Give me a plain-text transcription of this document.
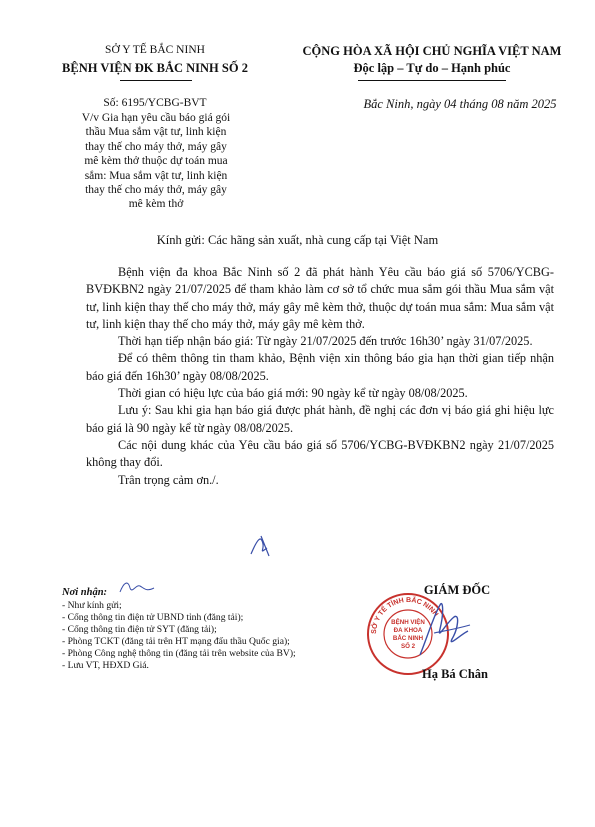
SỞ Y TẾ BẮC NINH
BỆNH VIỆN ĐK BẮC NINH SỐ 2
CỘNG HÒA XÃ HỘI CHỦ NGHĨA VIỆT NAM
Độc lập – Tự do – Hạnh phúc
Số: 6195/YCBG-BVT
V/v Gia hạn yêu cầu báo giá gói thầu Mua sắm vật tư, linh kiện thay thế cho máy thở, máy gây mê kèm thở thuộc dự toán mua sắm: Mua sắm vật tư, linh kiện thay thế cho máy thở, máy gây mê kèm thở
Bắc Ninh, ngày 04 tháng 08 năm 2025
Kính gửi: Các hãng sản xuất, nhà cung cấp tại Việt Nam

Bệnh viện đa khoa Bắc Ninh số 2 đã phát hành Yêu cầu báo giá số 5706/YCBG-BVĐKBN2 ngày 21/07/2025 để tham khảo làm cơ sở tổ chức mua sắm gói thầu Mua sắm vật tư, linh kiện thay thế cho máy thở, máy gây mê kèm thở, thuộc dự toán mua sắm: Mua sắm vật tư, linh kiện thay thế cho máy thở, máy gây mê kèm thở.

Thời hạn tiếp nhận báo giá: Từ ngày 21/07/2025 đến trước 16h30’ ngày 31/07/2025.

Để có thêm thông tin tham khảo, Bệnh viện xin thông báo gia hạn thời gian tiếp nhận báo giá đến 16h30’ ngày 08/08/2025.

Thời gian có hiệu lực của báo giá mới: 90 ngày kể từ ngày 08/08/2025.

Lưu ý: Sau khi gia hạn báo giá được phát hành, đề nghị các đơn vị báo giá ghi hiệu lực báo giá là 90 ngày kể từ ngày 08/08/2025.

Các nội dung khác của Yêu cầu báo giá số 5706/YCBG-BVĐKBN2 ngày 21/07/2025 không thay đổi.

Trân trọng cảm ơn./.

Nơi nhận:
- Như kính gửi;
- Cổng thông tin điện tử UBND tỉnh (đăng tải);
- Cổng thông tin điện tử SYT (đăng tải);
- Phòng TCKT (đăng tải trên HT mạng đấu thầu Quốc gia);
- Phòng Công nghệ thông tin (đăng tải trên website của BV);
- Lưu VT, HĐXD Giá.
GIÁM ĐỐC
SỞ Y TẾ TỈNH BẮC NINH
BỆNH VIỆN
ĐA KHOA
BẮC NINH
SỐ 2
Hạ Bá Chân
